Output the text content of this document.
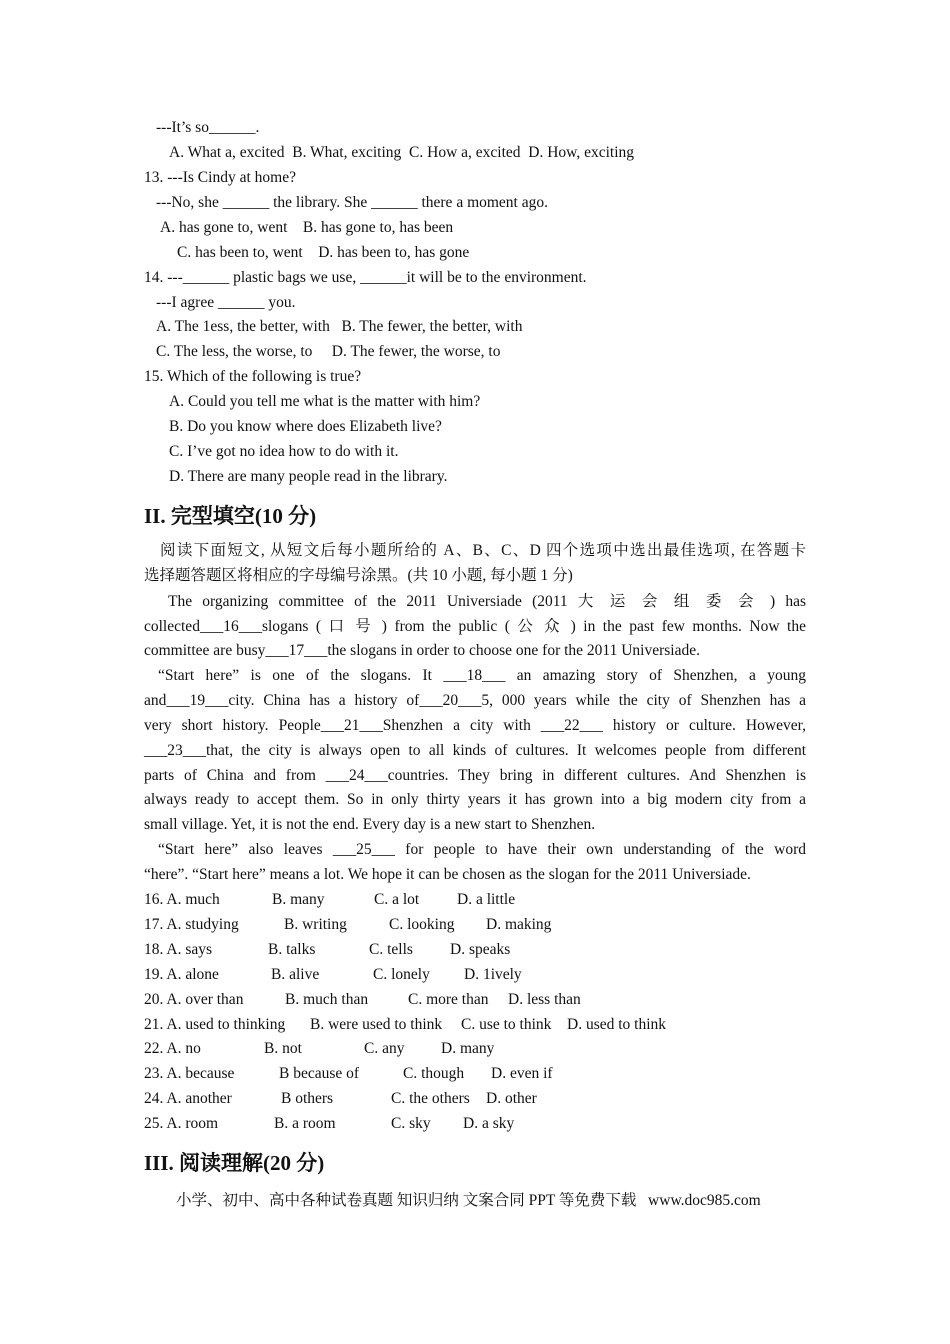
---It’s so______.
A. What a, excited  B. What, exciting  C. How a, excited  D. How, exciting
13. ---Is Cindy at home?
---No, she ______ the library. She ______ there a moment ago.
A. has gone to, went    B. has gone to, has been
C. has been to, went    D. has been to, has gone
14. ---______ plastic bags we use, ______it will be to the environment.
---I agree ______ you.
A. The 1ess, the better, with   B. The fewer, the better, with
C. The less, the worse, to     D. The fewer, the worse, to
15. Which of the following is true?
A. Could you tell me what is the matter with him?
B. Do you know where does Elizabeth live?
C. I’ve got no idea how to do with it.
D. There are many people read in the library.
II. 完型填空(10 分)
阅读下面短文, 从短文后每小题所给的 A、B、C、D 四个选项中选出最佳选项, 在答题卡
选择题答题区将相应的字母编号涂黑。(共 10 小题, 每小题 1 分)
The organizing committee of the 2011 Universiade (2011 大 运 会 组 委 会 ) has
collected___16___slogans ( 口 号 ) from the public ( 公 众 ) in the past few months. Now the
committee are busy___17___the slogans in order to choose one for the 2011 Universiade.
“Start here” is one of the slogans. It ___18___ an amazing story of Shenzhen, a young
and___19___city. China has a history of___20___5, 000 years while the city of Shenzhen has a
very short history. People___21___Shenzhen a city with ___22___ history or culture. However,
___23___that, the city is always open to all kinds of cultures. It welcomes people from different
parts of China and from ___24___countries. They bring in different cultures. And Shenzhen is
always ready to accept them. So in only thirty years it has grown into a big modern city from a
small village. Yet, it is not the end. Every day is a new start to Shenzhen.
“Start here” also leaves ___25___ for people to have their own understanding of the word
“here”. “Start here” means a lot. We hope it can be chosen as the slogan for the 2011 Universiade.
16. A. much	B. many	C. a lot D. a little
17. A. studying	B. writing	C. looking D. making
18. A. says	B. talks	C. tells D. speaks
19. A. alone	B. alive	C. lonely D. 1ively
20. A. over than	B. much than	C. more than D. less than
21. A. used to thinking B. were used to think C. use to think D. used to think
22. A. no	B. not	C. any D. many
23. A. because	B because of	C. though D. even if
24. A. another	B others	C. the others D. other
25. A. room	B. a room	C. sky D. a sky
III. 阅读理解(20 分)
小学、初中、高中各种试卷真题 知识归纳 文案合同 PPT 等免费下载   www.doc985.com
